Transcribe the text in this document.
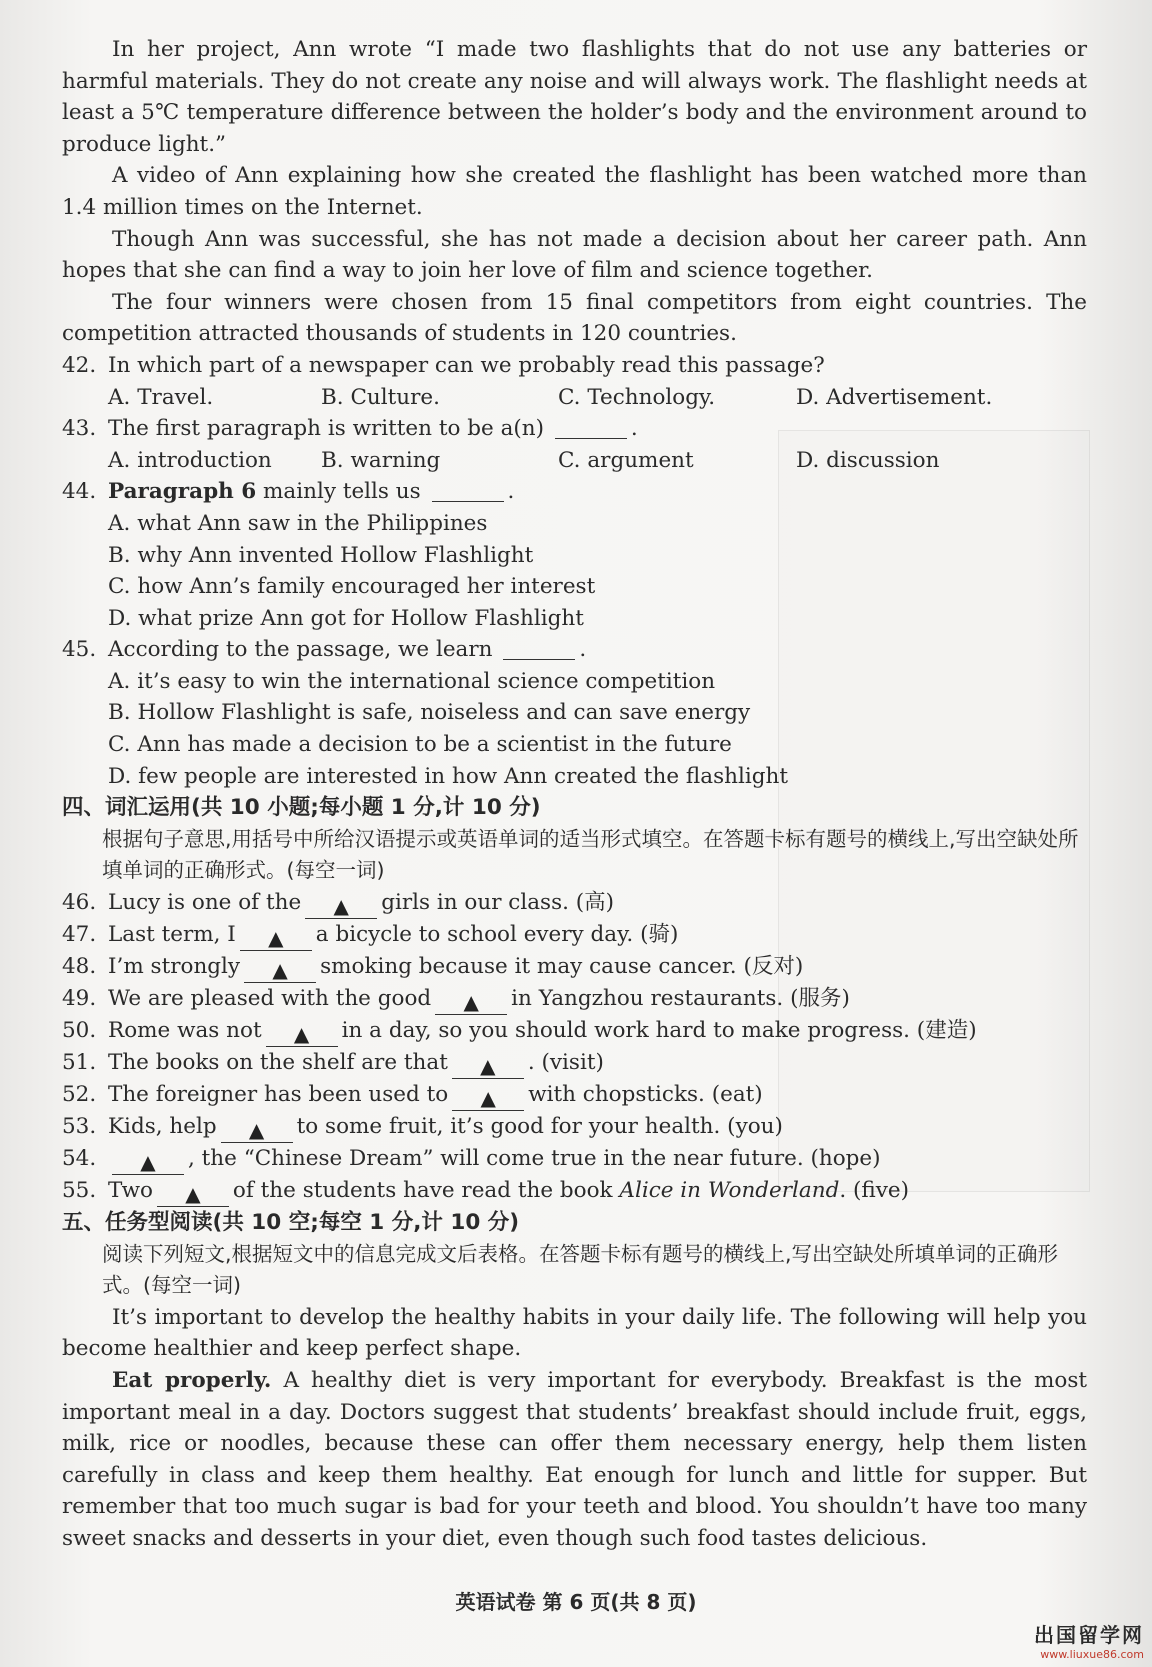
In her project, Ann wrote “I made two flashlights that do not use any batteries or harmful materials. They do not create any noise and will always work. The flashlight needs at least a 5℃ temperature difference between the holder’s body and the environment around to produce light.”

A video of Ann explaining how she created the flashlight has been watched more than 1.4 million times on the Internet.

Though Ann was successful, she has not made a decision about her career path. Ann hopes that she can find a way to join her love of film and science together.

The four winners were chosen from 15 final competitors from eight countries. The competition attracted thousands of students in 120 countries.

42. In which part of a newspaper can we probably read this passage?
A. Travel.	B. Culture.	C. Technology.	D. Advertisement.
43. The first paragraph is written to be a(n)	.
A. introduction	B. warning	C. argument	D. discussion
44. Paragraph 6 mainly tells us	.
A. what Ann saw in the Philippines
B. why Ann invented Hollow Flashlight
C. how Ann’s family encouraged her interest
D. what prize Ann got for Hollow Flashlight
45. According to the passage, we learn	.
A. it’s easy to win the international science competition
B. Hollow Flashlight is safe, noiseless and can save energy
C. Ann has made a decision to be a scientist in the future
D. few people are interested in how Ann created the flashlight
四、词汇运用(共 10 小题;每小题 1 分,计 10 分)
根据句子意思,用括号中所给汉语提示或英语单词的适当形式填空。在答题卡标有题号的横线上,写出空缺处所填单词的正确形式。(每空一词)
46. Lucy is one of the ▲ girls in our class. (高)
47. Last term, I ▲ a bicycle to school every day. (骑)
48. I’m strongly ▲ smoking because it may cause cancer. (反对)
49. We are pleased with the good ▲ in Yangzhou restaurants. (服务)
50. Rome was not ▲ in a day, so you should work hard to make progress. (建造)
51. The books on the shelf are that ▲ . (visit)
52. The foreigner has been used to ▲ with chopsticks. (eat)
53. Kids, help ▲ to some fruit, it’s good for your health. (you)
54.	▲ , the “Chinese Dream” will come true in the near future. (hope)
55. Two ▲ of the students have read the book Alice in Wonderland. (five)
五、任务型阅读(共 10 空;每空 1 分,计 10 分)
阅读下列短文,根据短文中的信息完成文后表格。在答题卡标有题号的横线上,写出空缺处所填单词的正确形式。(每空一词)

It’s important to develop the healthy habits in your daily life. The following will help you become healthier and keep perfect shape.

Eat properly. A healthy diet is very important for everybody. Breakfast is the most important meal in a day. Doctors suggest that students’ breakfast should include fruit, eggs, milk, rice or noodles, because these can offer them necessary energy, help them listen carefully in class and keep them healthy. Eat enough for lunch and little for supper. But remember that too much sugar is bad for your teeth and blood. You shouldn’t have too many sweet snacks and desserts in your diet, even though such food tastes delicious.

英语试卷 第 6 页(共 8 页)
出国留学网
www.liuxue86.com
